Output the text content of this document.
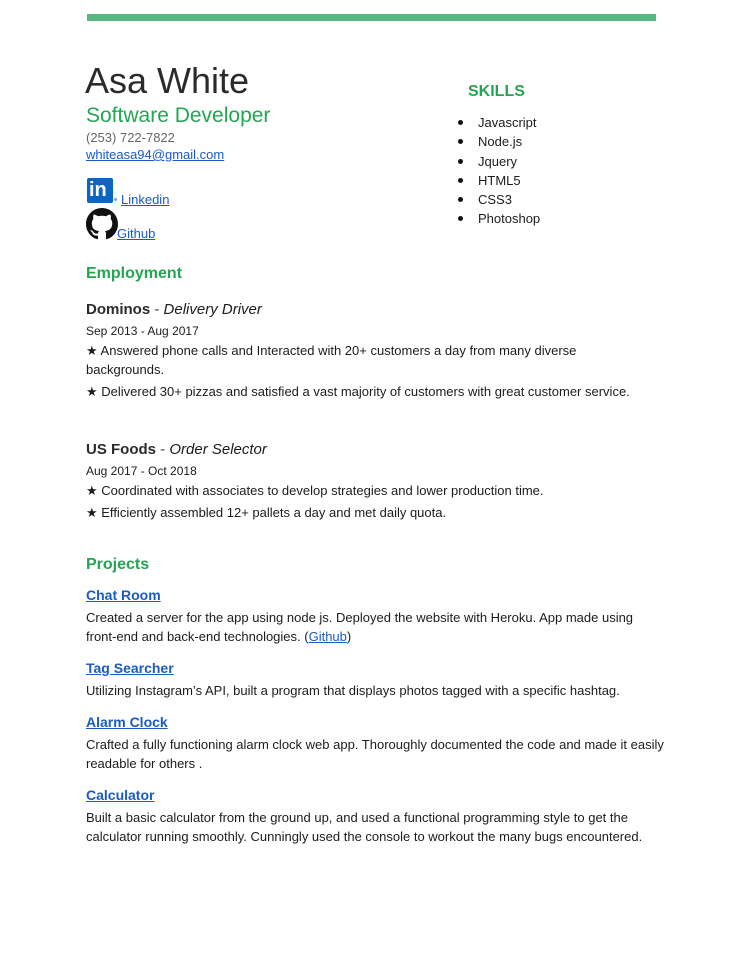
Asa White
Software Developer
(253) 722-7822
whiteasa94@gmail.com
in Linkedin
Github
SKILLS
Javascript
Node.js
Jquery
HTML5
CSS3
Photoshop
Employment
Dominos - Delivery Driver
Sep 2013 - Aug 2017
★ Answered phone calls and Interacted with 20+ customers a day from many diverse backgrounds.
★ Delivered 30+ pizzas and satisfied a vast majority of customers with great customer service.
US Foods - Order Selector
Aug 2017 - Oct 2018
★ Coordinated with associates to develop strategies and lower production time.
★ Efficiently assembled 12+ pallets a day and met daily quota.
Projects
Chat Room
Created a server for the app using node js. Deployed the website with Heroku. App made using front-end and back-end technologies. (Github)
Tag Searcher
Utilizing Instagram’s API, built a program that displays photos tagged with a specific hashtag.
Alarm Clock
Crafted a fully functioning alarm clock web app. Thoroughly documented the code and made it easily readable for others .
Calculator
Built a basic calculator from the ground up, and used a functional programming style to get the calculator running smoothly. Cunningly used the console to workout the many bugs encountered.
